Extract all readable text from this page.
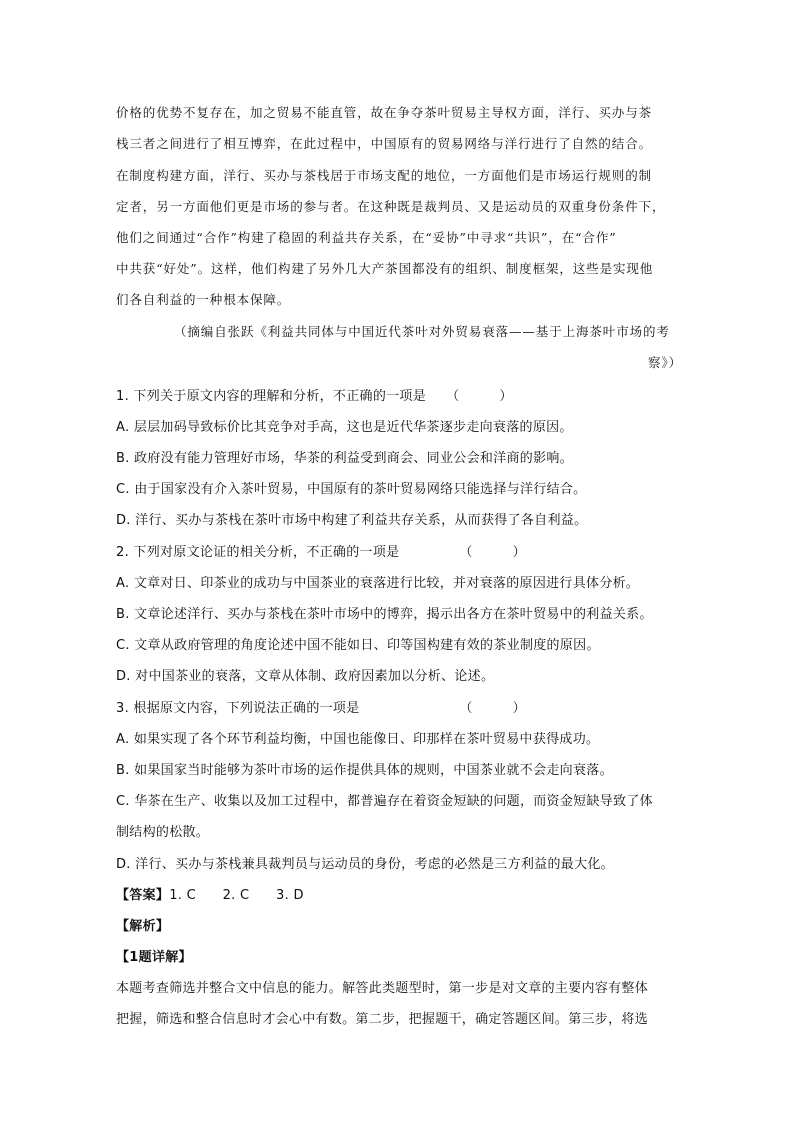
价格的优势不复存在，加之贸易不能直管，故在争夺茶叶贸易主导权方面，洋行、买办与茶
栈三者之间进行了相互博弈，在此过程中，中国原有的贸易网络与洋行进行了自然的结合。
在制度构建方面，洋行、买办与茶栈居于市场支配的地位，一方面他们是市场运行规则的制
定者，另一方面他们更是市场的参与者。在这种既是裁判员、又是运动员的双重身份条件下，
他们之间通过“合作”构建了稳固的利益共存关系，在“妥协”中寻求“共识”，在“合作”
中共获“好处”。这样，他们构建了另外几大产茶国都没有的组织、制度框架，这些是实现他
们各自利益的一种根本保障。
（摘编自张跃《利益共同体与中国近代茶叶对外贸易衰落——基于上海茶叶市场的考
察》）
1. 下列关于原文内容的理解和分析，不正确的一项是　　（　　　）
A. 层层加码导致标价比其竞争对手高，这也是近代华茶逐步走向衰落的原因。
B. 政府没有能力管理好市场，华茶的利益受到商会、同业公会和洋商的影响。
C. 由于国家没有介入茶叶贸易，中国原有的茶叶贸易网络只能选择与洋行结合。
D. 洋行、买办与茶栈在茶叶市场中构建了利益共存关系，从而获得了各自利益。
2. 下列对原文论证的相关分析，不正确的一项是　　　　　（　　　）
A. 文章对日、印茶业的成功与中国茶业的衰落进行比较，并对衰落的原因进行具体分析。
B. 文章论述洋行、买办与茶栈在茶叶市场中的博弈，揭示出各方在茶叶贸易中的利益关系。
C. 文章从政府管理的角度论述中国不能如日、印等国构建有效的茶业制度的原因。
D. 对中国茶业的衰落，文章从体制、政府因素加以分析、论述。
3. 根据原文内容，下列说法正确的一项是　　　　　　　　（　　　）
A. 如果实现了各个环节利益均衡，中国也能像日、印那样在茶叶贸易中获得成功。
B. 如果国家当时能够为茶叶市场的运作提供具体的规则，中国茶业就不会走向衰落。
C. 华茶在生产、收集以及加工过程中，都普遍存在着资金短缺的问题，而资金短缺导致了体
制结构的松散。
D. 洋行、买办与茶栈兼具裁判员与运动员的身份，考虑的必然是三方利益的最大化。
【答案】1. C　　2. C　　3. D
【解析】
【1题详解】
本题考查筛选并整合文中信息的能力。解答此类题型时，第一步是对文章的主要内容有整体
把握，筛选和整合信息时才会心中有数。第二步，把握题干，确定答题区间。第三步，将选
